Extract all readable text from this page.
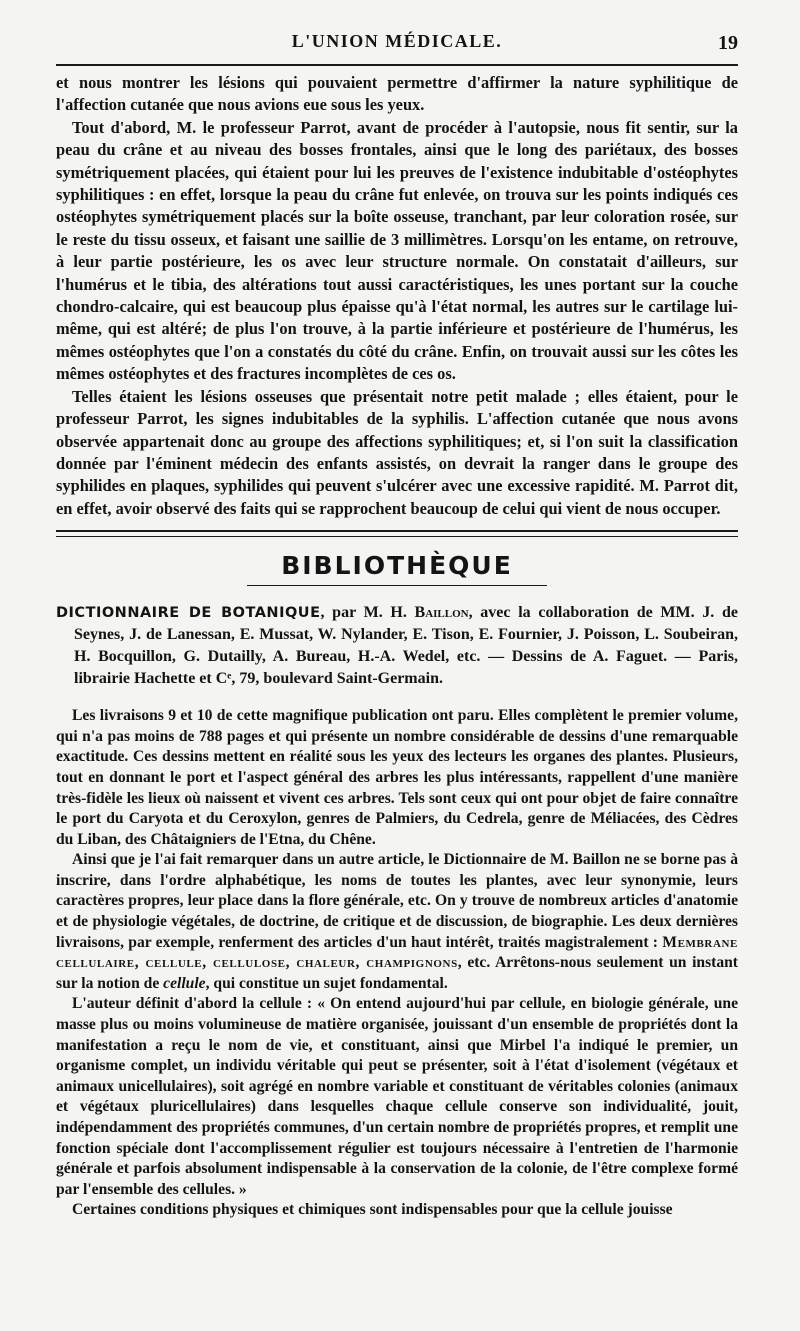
L'UNION MÉDICALE.	19

et nous montrer les lésions qui pouvaient permettre d'affirmer la nature syphilitique de l'affection cutanée que nous avions eue sous les yeux.

Tout d'abord, M. le professeur Parrot, avant de procéder à l'autopsie, nous fit sentir, sur la peau du crâne et au niveau des bosses frontales, ainsi que le long des pariétaux, des bosses symétriquement placées, qui étaient pour lui les preuves de l'existence indubitable d'ostéophytes syphilitiques : en effet, lorsque la peau du crâne fut enlevée, on trouva sur les points indiqués ces ostéophytes symétriquement placés sur la boîte osseuse, tranchant, par leur coloration rosée, sur le reste du tissu osseux, et faisant une saillie de 3 millimètres. Lorsqu'on les entame, on retrouve, à leur partie postérieure, les os avec leur structure normale. On constatait d'ailleurs, sur l'humérus et le tibia, des altérations tout aussi caractéristiques, les unes portant sur la couche chondro-calcaire, qui est beaucoup plus épaisse qu'à l'état normal, les autres sur le cartilage lui-même, qui est altéré; de plus l'on trouve, à la partie inférieure et postérieure de l'humérus, les mêmes ostéophytes que l'on a constatés du côté du crâne. Enfin, on trouvait aussi sur les côtes les mêmes ostéophytes et des fractures incomplètes de ces os.

Telles étaient les lésions osseuses que présentait notre petit malade ; elles étaient, pour le professeur Parrot, les signes indubitables de la syphilis. L'affection cutanée que nous avons observée appartenait donc au groupe des affections syphilitiques; et, si l'on suit la classification donnée par l'éminent médecin des enfants assistés, on devrait la ranger dans le groupe des syphilides en plaques, syphilides qui peuvent s'ulcérer avec une excessive rapidité. M. Parrot dit, en effet, avoir observé des faits qui se rapprochent beaucoup de celui qui vient de nous occuper.

BIBLIOTHÈQUE
DICTIONNAIRE DE BOTANIQUE, par M. H. Baillon, avec la collaboration de MM. J. de Seynes, J. de Lanessan, E. Mussat, W. Nylander, E. Tison, E. Fournier, J. Poisson, L. Soubeiran, H. Bocquillon, G. Dutailly, A. Bureau, H.-A. Wedel, etc. — Dessins de A. Faguet. — Paris, librairie Hachette et Cᵉ, 79, boulevard Saint-Germain.

Les livraisons 9 et 10 de cette magnifique publication ont paru. Elles complètent le premier volume, qui n'a pas moins de 788 pages et qui présente un nombre considérable de dessins d'une remarquable exactitude. Ces dessins mettent en réalité sous les yeux des lecteurs les organes des plantes. Plusieurs, tout en donnant le port et l'aspect général des arbres les plus intéressants, rappellent d'une manière très-fidèle les lieux où naissent et vivent ces arbres. Tels sont ceux qui ont pour objet de faire connaître le port du Caryota et du Ceroxylon, genres de Palmiers, du Cedrela, genre de Méliacées, des Cèdres du Liban, des Châtaigniers de l'Etna, du Chêne.

Ainsi que je l'ai fait remarquer dans un autre article, le Dictionnaire de M. Baillon ne se borne pas à inscrire, dans l'ordre alphabétique, les noms de toutes les plantes, avec leur synonymie, leurs caractères propres, leur place dans la flore générale, etc. On y trouve de nombreux articles d'anatomie et de physiologie végétales, de doctrine, de critique et de discussion, de biographie. Les deux dernières livraisons, par exemple, renferment des articles d'un haut intérêt, traités magistralement : Membrane cellulaire, cellule, cellulose, chaleur, champignons, etc. Arrêtons-nous seulement un instant sur la notion de cellule, qui constitue un sujet fondamental.

L'auteur définit d'abord la cellule : « On entend aujourd'hui par cellule, en biologie générale, une masse plus ou moins volumineuse de matière organisée, jouissant d'un ensemble de propriétés dont la manifestation a reçu le nom de vie, et constituant, ainsi que Mirbel l'a indiqué le premier, un organisme complet, un individu véritable qui peut se présenter, soit à l'état d'isolement (végétaux et animaux unicellulaires), soit agrégé en nombre variable et constituant de véritables colonies (animaux et végétaux pluricellulaires) dans lesquelles chaque cellule conserve son individualité, jouit, indépendamment des propriétés communes, d'un certain nombre de propriétés propres, et remplit une fonction spéciale dont l'accomplissement régulier est toujours nécessaire à l'entretien de l'harmonie générale et parfois absolument indispensable à la conservation de la colonie, de l'être complexe formé par l'ensemble des cellules. »

Certaines conditions physiques et chimiques sont indispensables pour que la cellule jouisse
